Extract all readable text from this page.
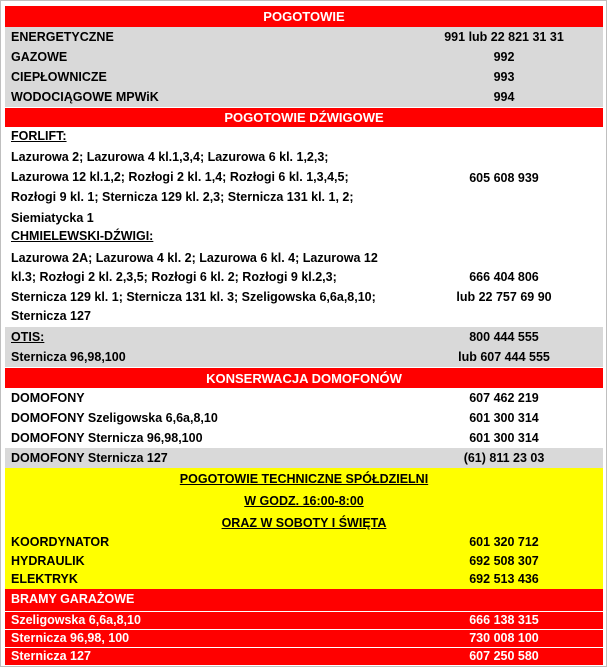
POGOTOWIE
ENERGETYCZNE	991 lub 22 821 31 31
GAZOWE	992
CIEPŁOWNICZE	993
WODOCIĄGOWE MPWiK	994
POGOTOWIE DŹWIGOWE
FORLIFT:
Lazurowa 2; Lazurowa 4 kl.1,3,4; Lazurowa 6 kl. 1,2,3;
Lazurowa 12 kl.1,2; Rozłogi 2 kl. 1,4; Rozłogi 6 kl. 1,3,4,5;
Rozłogi 9 kl. 1; Sternicza 129 kl. 2,3; Sternicza 131 kl. 1, 2;
Siemiatycka 1
605 608 939
CHMIELEWSKI-DŹWIGI:
Lazurowa 2A; Lazurowa 4 kl. 2; Lazurowa 6 kl. 4; Lazurowa 12
kl.3; Rozłogi 2 kl. 2,3,5; Rozłogi 6 kl. 2; Rozłogi 9 kl.2,3;
Sternicza 129 kl. 1; Sternicza 131 kl. 3; Szeligowska 6,6a,8,10;
Sternicza 127
666 404 806
lub 22 757 69 90
OTIS:	800 444 555
Sternicza 96,98,100	lub 607 444 555
KONSERWACJA DOMOFONÓW
DOMOFONY	607 462 219
DOMOFONY Szeligowska 6,6a,8,10	601 300 314
DOMOFONY Sternicza 96,98,100	601 300 314
DOMOFONY Sternicza 127	(61) 811 23 03
POGOTOWIE TECHNICZNE SPÓŁDZIELNI
W GODZ. 16:00-8:00
ORAZ W SOBOTY I ŚWIĘTA
KOORDYNATOR	601 320 712
HYDRAULIK	692 508 307
ELEKTRYK	692 513 436
BRAMY GARAŻOWE
Szeligowska 6,6a,8,10	666 138 315
Sternicza 96,98, 100	730 008 100
Sternicza 127	607 250 580
